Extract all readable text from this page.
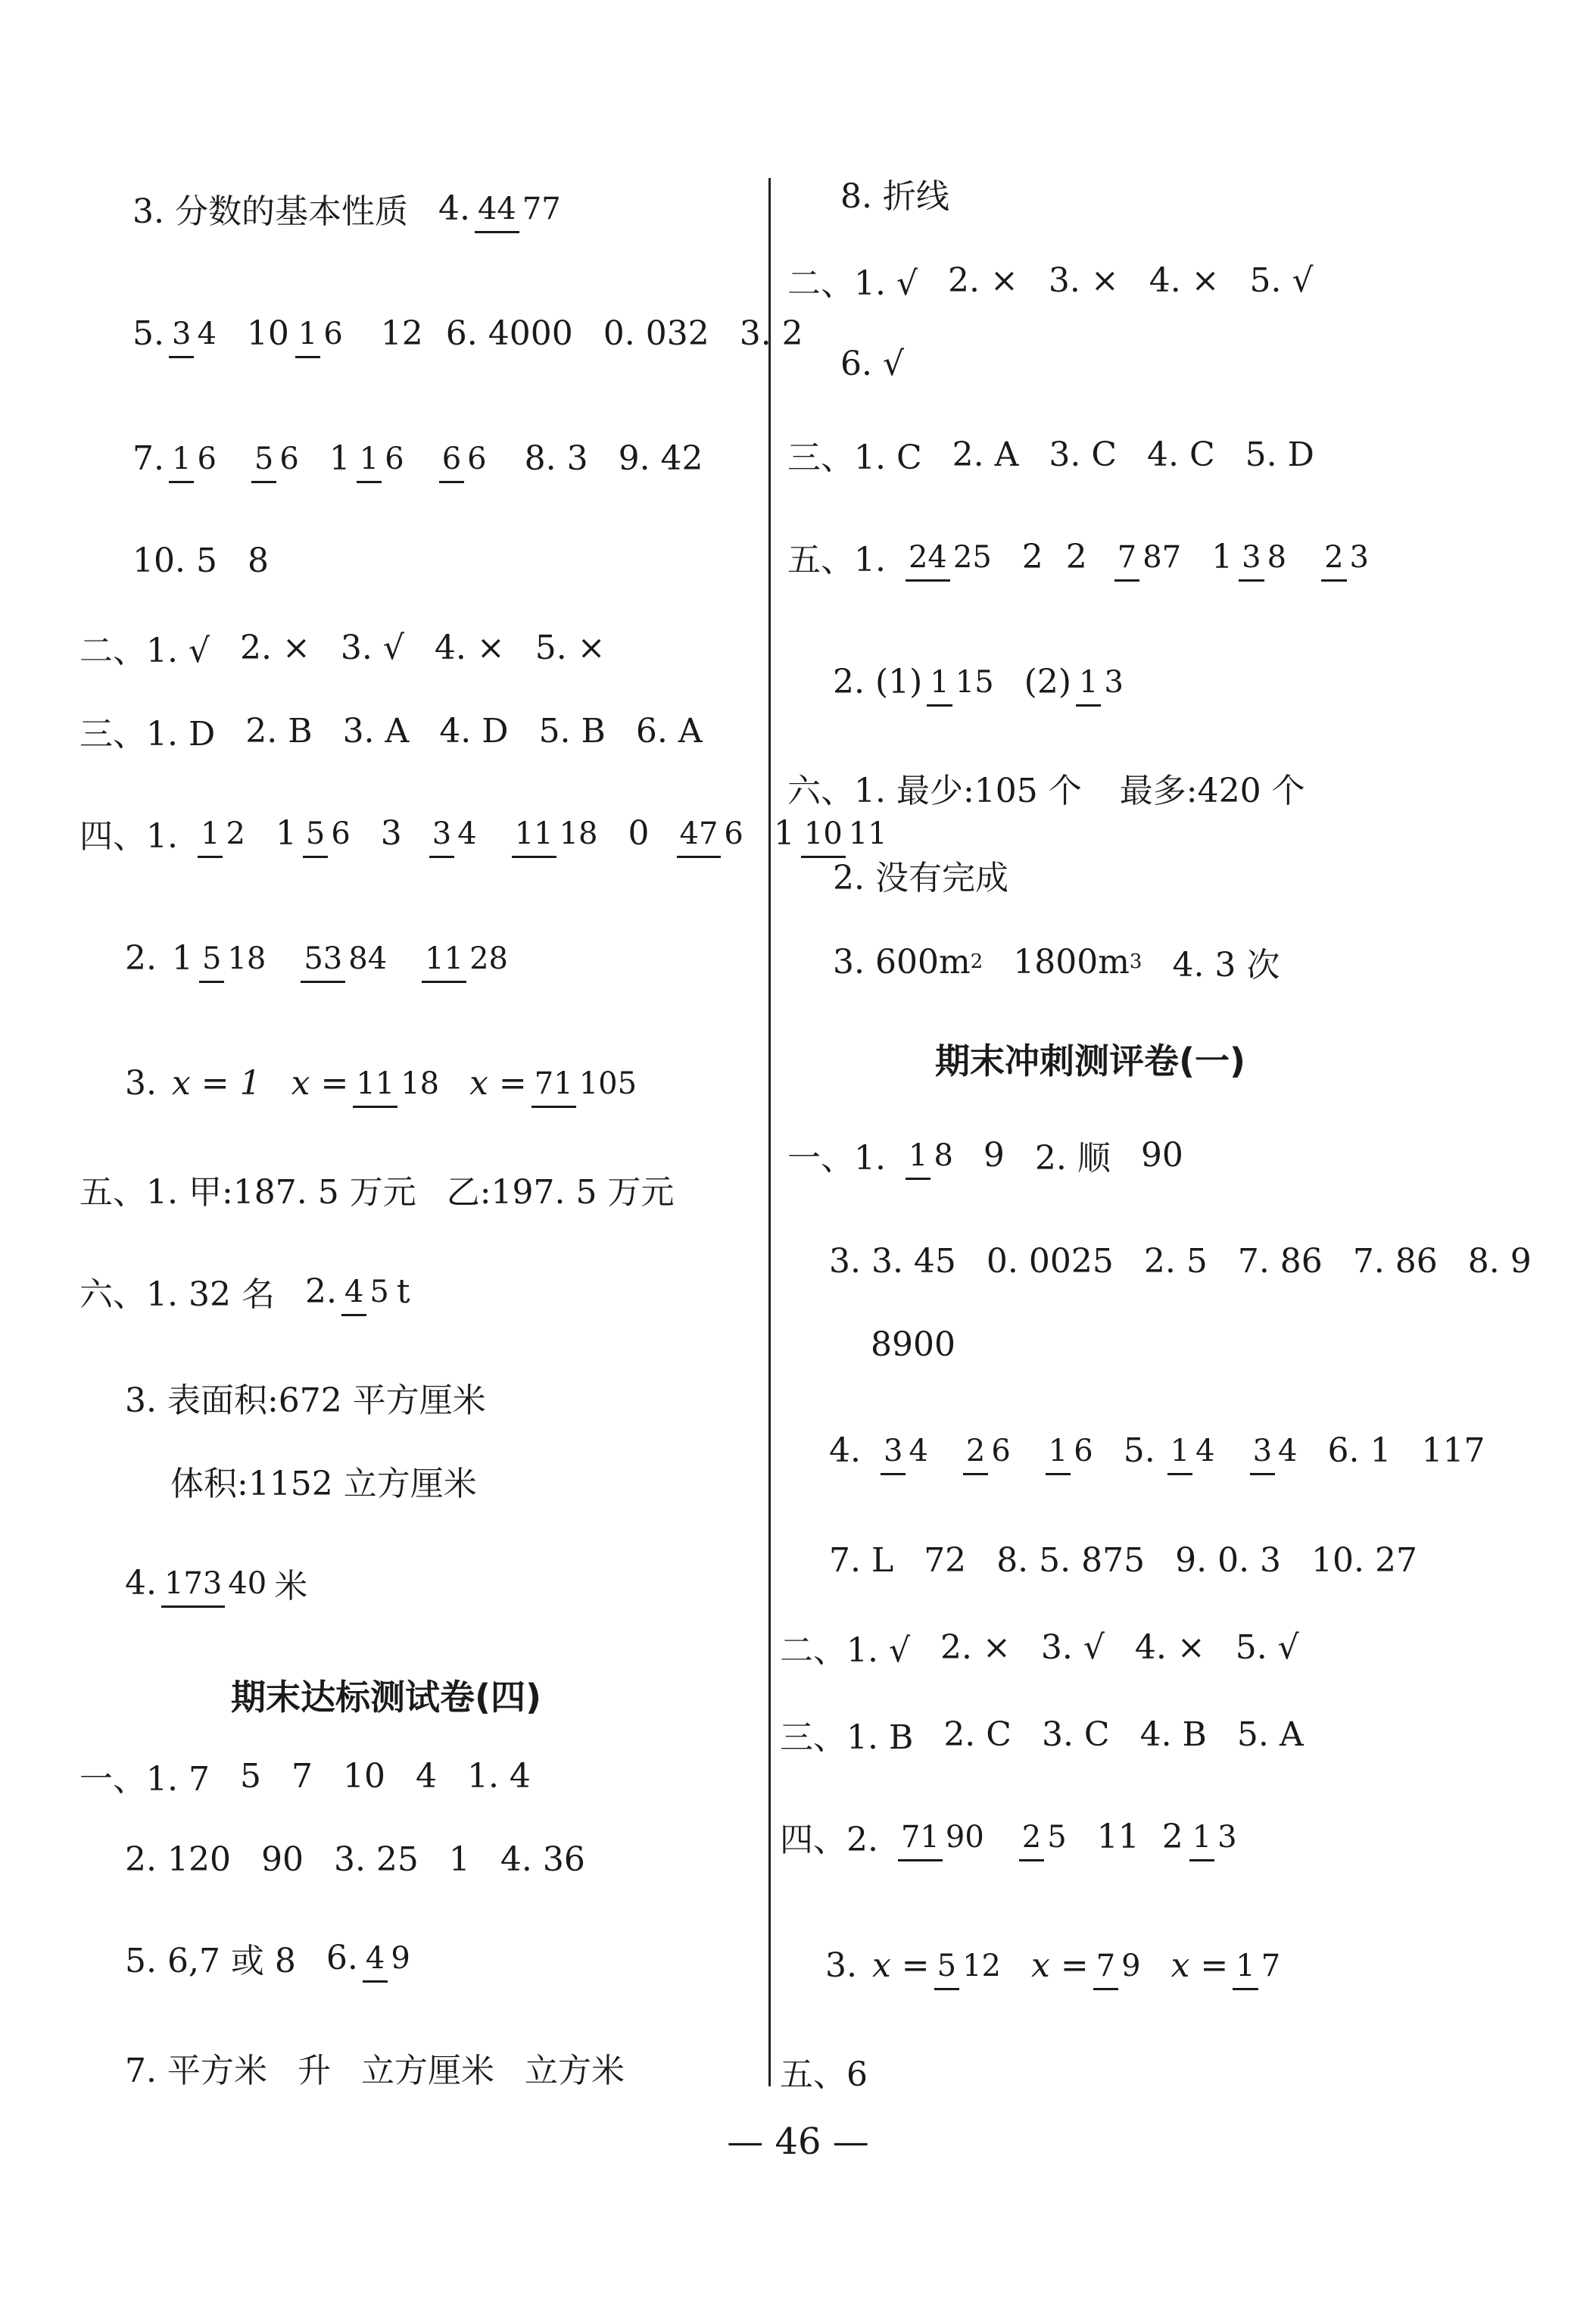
3. 分数的基本性质 4. 44 77
5. 3 4 10 1 6 12 6. 4000 0. 032 3. 2
7. 1 6 5 6 1 1 6 6 6 8. 3 9. 42
10. 5 8
二、1. √ 2. × 3. √ 4. × 5. ×
三、1. D 2. B 3. A 4. D 5. B 6. A
四、1. 1 2 1 5 6 3 3 4 11 18 0 47 6 1 10 11
2. 1 5 18 53 84 11 28
3. x = 1 x = 11 18 x = 71 105
五、1. 甲:187. 5 万元 乙:197. 5 万元
六、1. 32 名 2. 4 5 t
3. 表面积:672 平方厘米
体积:1152 立方厘米
4. 173 40 米
期末达标测试卷(四)
一、1. 7 5 7 10 4 1. 4
2. 120 90 3. 25 1 4. 36
5. 6,7 或 8 6. 4 9
7. 平方米 升 立方厘米 立方米
8. 折线
二、1. √ 2. × 3. × 4. × 5. √
6. √
三、1. C 2. A 3. C 4. C 5. D
五、1. 24 25 2 2 7 87 1 3 8 2 3
2. (1) 1 15 (2) 1 3
六、1. 最少:105 个 最多:420 个
2. 没有完成
3. 600m 2 1800m 3 4. 3 次
期末冲刺测评卷(一)
一、1. 1 8 9 2. 顺 90
3. 3. 45 0. 0025 2. 5 7. 86 7. 86 8. 9
8900
4. 3 4 2 6 1 6 5. 1 4 3 4 6. 1 117
7. L 72 8. 5. 875 9. 0. 3 10. 27
二、1. √ 2. × 3. √ 4. × 5. √
三、1. B 2. C 3. C 4. B 5. A
四、2. 71 90 2 5 11 2 1 3
3. x = 5 12 x = 7 9 x = 1 7
五、6
— 46 —
